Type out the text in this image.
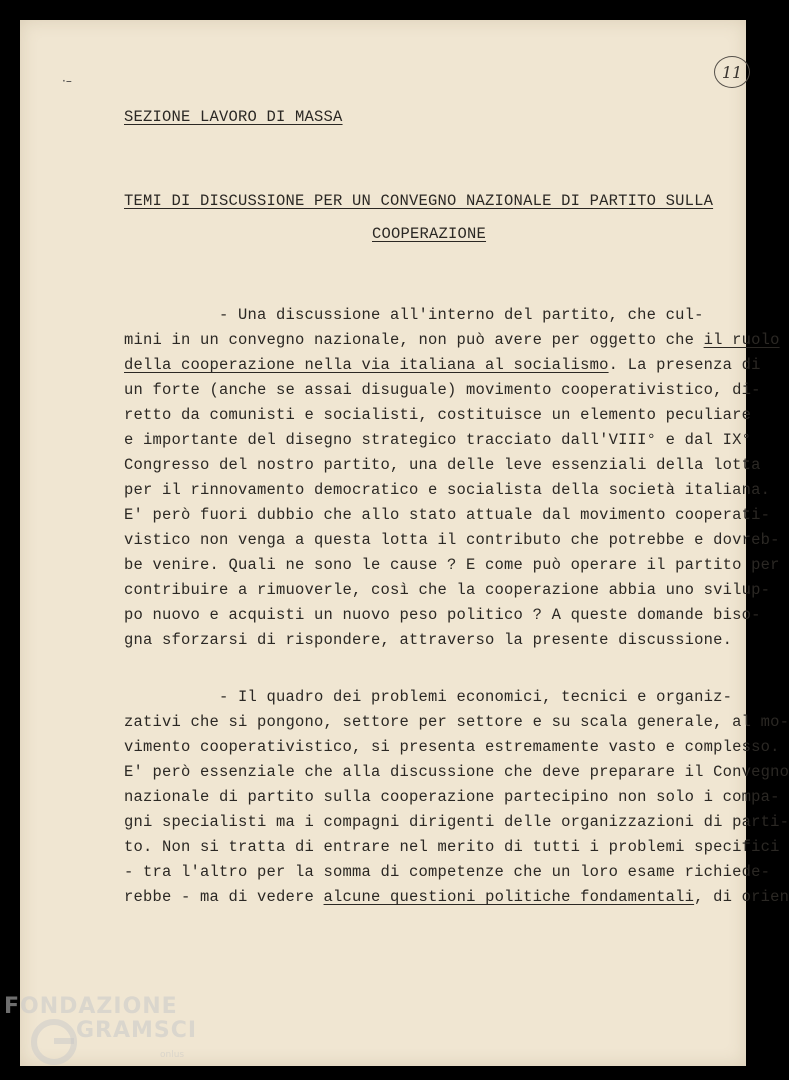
·–	11
SEZIONE LAVORO DI MASSA
TEMI DI DISCUSSIONE PER UN CONVEGNO NAZIONALE DI PARTITO SULLA
COOPERAZIONE
- Una discussione all'interno del partito, che cul-
mini in un convegno nazionale, non può avere per oggetto che il ruolo
della cooperazione nella via italiana al socialismo. La presenza di
un forte (anche se assai disuguale) movimento cooperativistico, di-
retto da comunisti e socialisti, costituisce un elemento peculiare
e importante del disegno strategico tracciato dall'VIII° e dal IX°
Congresso del nostro partito, una delle leve essenziali della lotta
per il rinnovamento democratico e socialista della società italiana.
E' però fuori dubbio che allo stato attuale dal movimento cooperati-
vistico non venga a questa lotta il contributo che potrebbe e dovreb-
be venire. Quali ne sono le cause ? E come può operare il partito per
contribuire a rimuoverle, così che la cooperazione abbia uno svilup-
po nuovo e acquisti un nuovo peso politico ? A queste domande biso-
gna sforzarsi di rispondere, attraverso la presente discussione.
- Il quadro dei problemi economici, tecnici e organiz-
zativi che si pongono, settore per settore e su scala generale, al mo-
vimento cooperativistico, si presenta estremamente vasto e complesso.
E' però essenziale che alla discussione che deve preparare il Convegno
nazionale di partito sulla cooperazione partecipino non solo i compa-
gni specialisti ma i compagni dirigenti delle organizzazioni di parti-
to. Non si tratta di entrare nel merito di tutti i problemi specifici
- tra l'altro per la somma di competenze che un loro esame richiede-
rebbe - ma di vedere alcune questioni politiche fondamentali, di orien
FONDAZIONE
GRAMSCI
onlus
